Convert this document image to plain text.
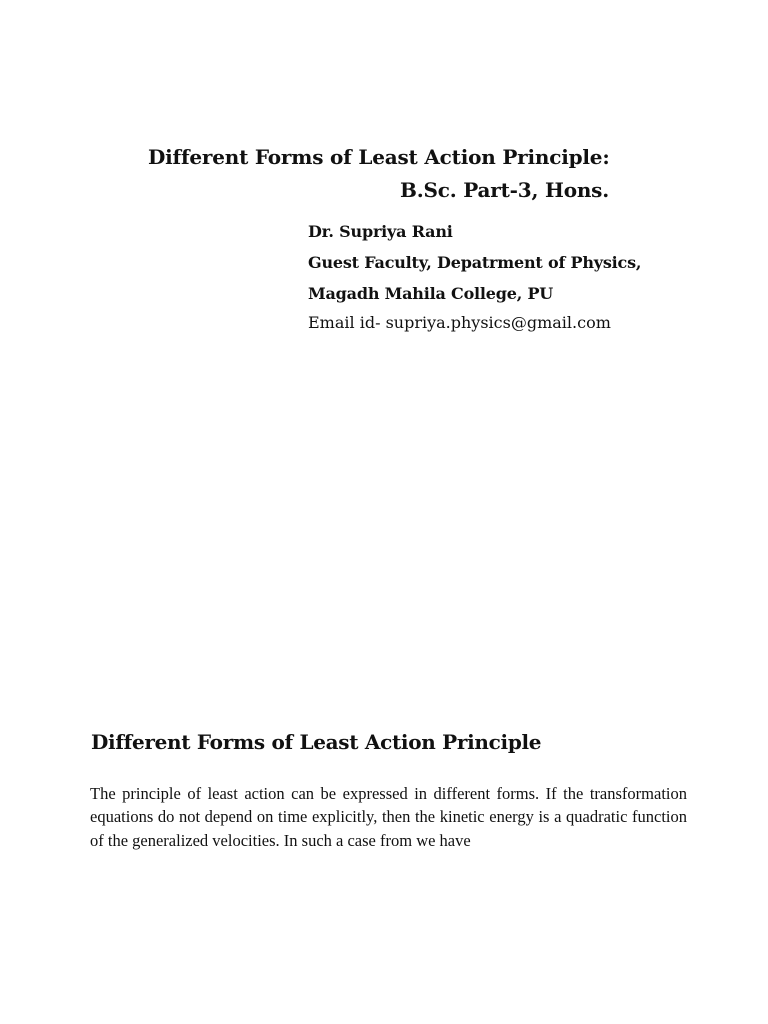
Different Forms of Least Action Principle:
B.Sc. Part-3, Hons.
Dr. Supriya Rani
Guest Faculty, Depatrment of Physics,
Magadh Mahila College, PU
Email id- supriya.physics@gmail.com
Different Forms of Least Action Principle

The principle of least action can be expressed in different forms. If the transformation equations do not depend on time explicitly, then the kinetic energy is a quadratic function of the generalized velocities. In such a case from we have
